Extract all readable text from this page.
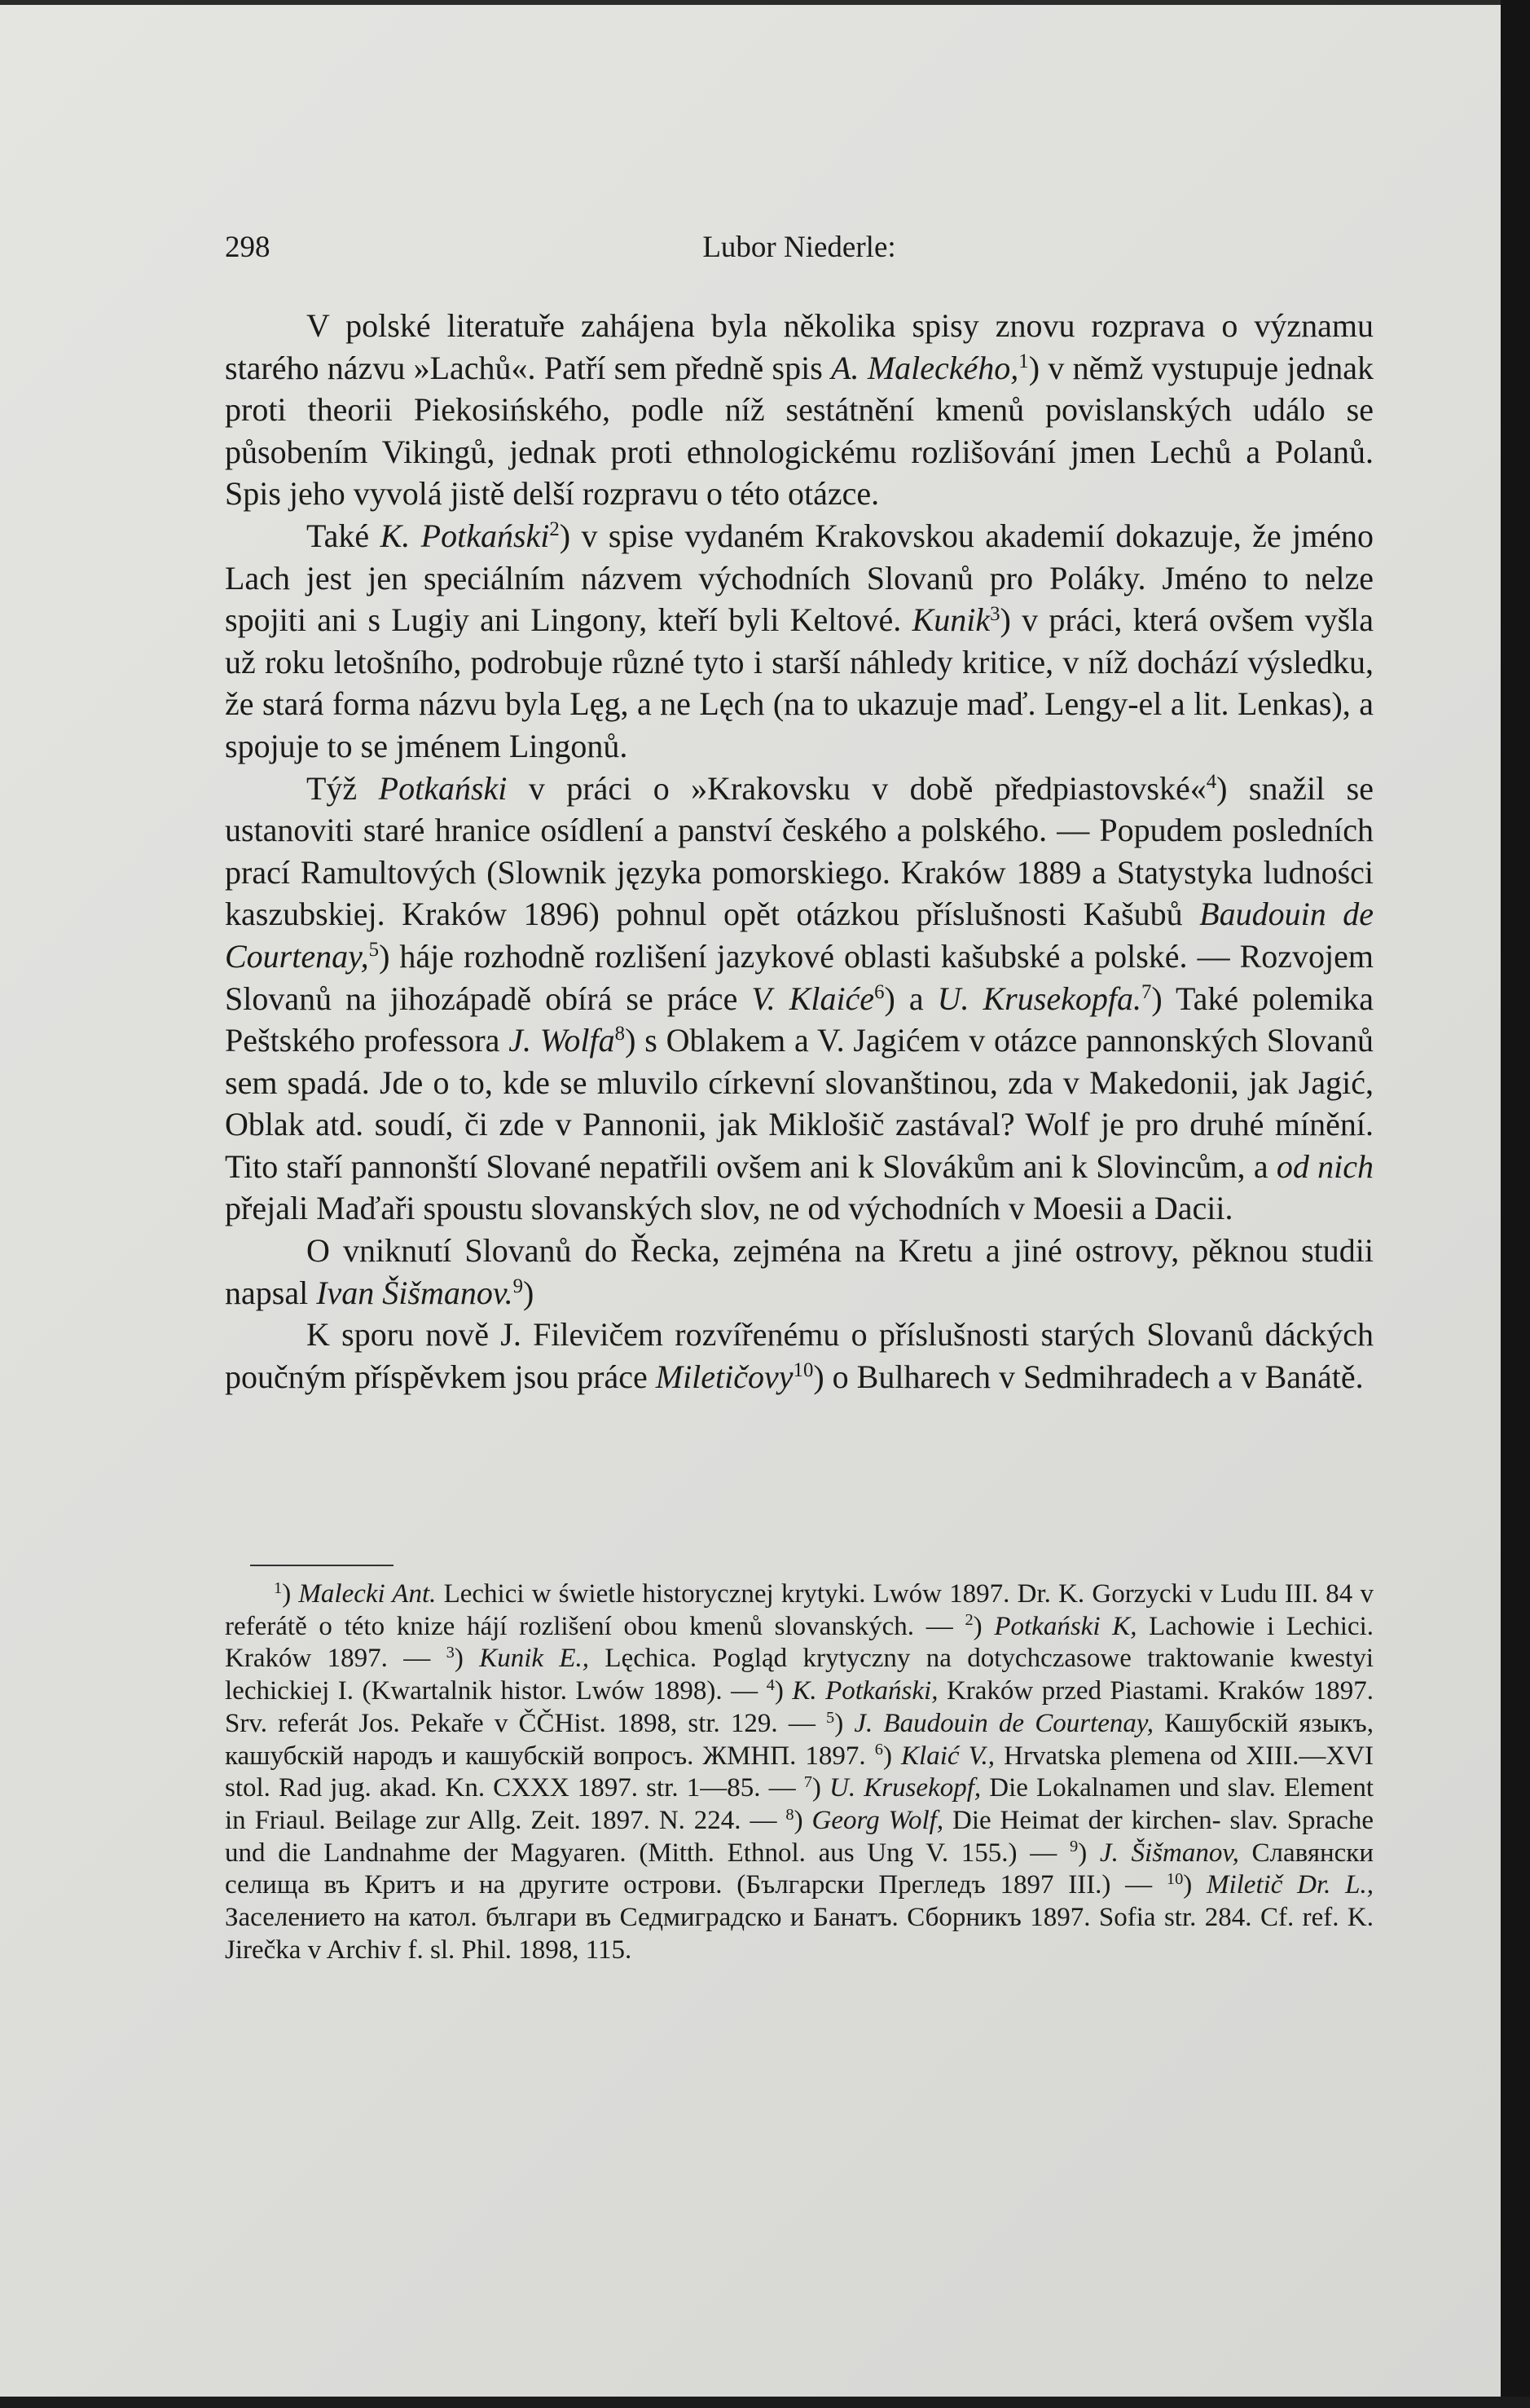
298	Lubor Niederle:

V polské literatuře zahájena byla několika spisy znovu rozprava o významu starého názvu »Lachů«. Patří sem předně spis A. Maleckého,$^1$) v němž vystupuje jednak proti theorii Piekosińského, podle níž sestátnění kmenů povislanských událo se působením Vikingů, jednak proti ethnologickému rozlišování jmen Lechů a Polanů. Spis jeho vyvolá jistě delší rozpravu o této otázce.

Také K. Potkański$^2$) v spise vydaném Krakovskou akademií dokazuje, že jméno Lach jest jen speciálním názvem východních Slovanů pro Poláky. Jméno to nelze spojiti ani s Lugiy ani Lingony, kteří byli Keltové. Kunik$^3$) v práci, která ovšem vyšla už roku letošního, podrobuje různé tyto i starší náhledy kritice, v níž dochází výsledku, že stará forma názvu byla Lęg, a ne Lęch (na to ukazuje maď. Lengy-el a lit. Lenkas), a spojuje to se jménem Lingonů.

Týž Potkański v práci o »Krakovsku v době předpiastovské«$^4$) snažil se ustanoviti staré hranice osídlení a panství českého a polského. — Popudem posledních prací Ramultových (Slownik języka pomorskiego. Kraków 1889 a Statystyka ludności kaszubskiej. Kraków 1896) pohnul opět otázkou příslušnosti Kašubů Baudouin de Courtenay,$^5$) háje rozhodně rozlišení jazykové oblasti kašubské a polské. — Rozvojem Slovanů na jihozápadě obírá se práce V. Klaiće$^6$) a U. Krusekopfa.$^7$) Také polemika Peštského professora J. Wolfa$^8$) s Oblakem a V. Jagićem v otázce pannonských Slovanů sem spadá. Jde o to, kde se mluvilo církevní slovanštinou, zda v Makedonii, jak Jagić, Oblak atd. soudí, či zde v Pannonii, jak Miklošič zastával? Wolf je pro druhé mínění. Tito staří pannonští Slované nepatřili ovšem ani k Slovákům ani k Slovincům, a od nich přejali Maďaři spoustu slovanských slov, ne od východních v Moesii a Dacii.

O vniknutí Slovanů do Řecka, zejména na Kretu a jiné ostrovy, pěknou studii napsal Ivan Šišmanov.$^9$)

K sporu nově J. Filevičem rozvířenému o příslušnosti starých Slovanů dáckých poučným příspěvkem jsou práce Miletičovy$^{10}$) o Bulharech v Sedmihradech a v Banátě.

$^1$) Malecki Ant. Lechici w świetle historycznej krytyki. Lwów 1897. Dr. K. Gorzycki v Ludu III. 84 v referátě o této knize hájí rozlišení obou kmenů slovanských. — $^2$) Potkański K, Lachowie i Lechici. Kraków 1897. — $^3$) Kunik E., Lęchica. Pogląd krytyczny na dotychczasowe traktowanie kwestyi lechickiej I. (Kwartalnik histor. Lwów 1898). — $^4$) K. Potkański, Kraków przed Piastami. Kraków 1897. Srv. referát Jos. Pekaře v ČČHist. 1898, str. 129. — $^5$) J. Baudouin de Courtenay, Кашубскій языкъ, кашубскій народъ и кашубскій вопросъ. ЖМНП. 1897. $^6$) Klaić V., Hrvatska plemena od XIII.—XVI stol. Rad jug. akad. Kn. CXXX 1897. str. 1—85. — $^7$) U. Krusekopf, Die Lokalnamen und slav. Element in Friaul. Beilage zur Allg. Zeit. 1897. N. 224. — $^8$) Georg Wolf, Die Heimat der kirchen- slav. Sprache und die Landnahme der Magyaren. (Mitth. Ethnol. aus Ung V. 155.) — $^9$) J. Šišmanov, Славянски селища въ Критъ и на другите острови. (Български Прегледъ 1897 III.) — $^{10}$) Miletič Dr. L., Заселението на катол. българи въ Седмиградско и Банатъ. Сборникъ 1897. Sofia str. 284. Cf. ref. K. Jirečka v Archiv f. sl. Phil. 1898, 115.
